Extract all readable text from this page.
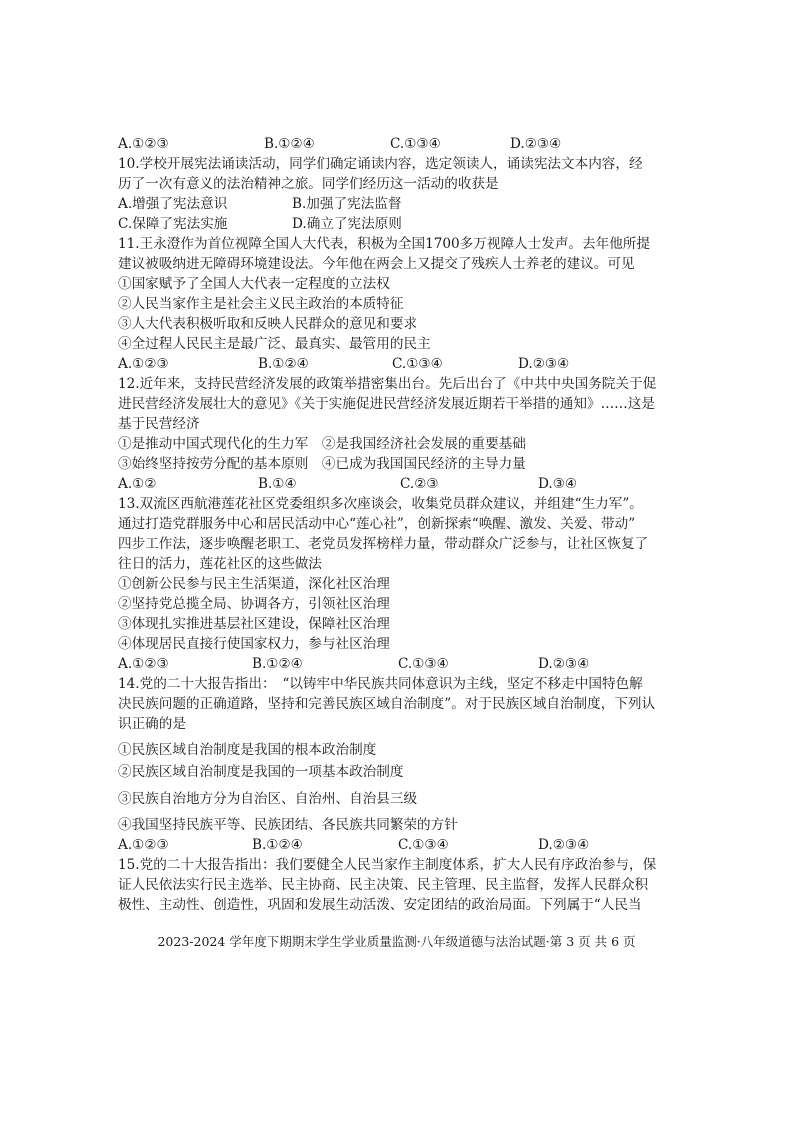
A.①②③	B.①②④	C.①③④	D.②③④
10.学校开展宪法诵读活动，同学们确定诵读内容，选定领读人，诵读宪法文本内容，经
历了一次有意义的法治精神之旅。同学们经历这一活动的收获是
A.增强了宪法意识	B.加强了宪法监督
C.保障了宪法实施	D.确立了宪法原则
11.王永澄作为首位视障全国人大代表，积极为全国1700多万视障人士发声。去年他所提
建议被吸纳进无障碍环境建设法。今年他在两会上又提交了残疾人士养老的建议。可见
①国家赋予了全国人大代表一定程度的立法权
②人民当家作主是社会主义民主政治的本质特征
③人大代表积极听取和反映人民群众的意见和要求
④全过程人民民主是最广泛、最真实、最管用的民主
A.①②③	B.①②④	C.①③④	D.②③④
12.近年来，支持民营经济发展的政策举措密集出台。先后出台了《中共中央国务院关于促
进民营经济发展壮大的意见》《关于实施促进民营经济发展近期若干举措的通知》……这是
基于民营经济
①是推动中国式现代化的生力军　②是我国经济社会发展的重要基础
③始终坚持按劳分配的基本原则　④已成为我国国民经济的主导力量
A.①②	B.①④	C.②③	D.③④
13.双流区西航港莲花社区党委组织多次座谈会，收集党员群众建议，并组建“生力军”。
通过打造党群服务中心和居民活动中心“莲心社”，创新探索“唤醒、激发、关爱、带动”
四步工作法，逐步唤醒老职工、老党员发挥榜样力量，带动群众广泛参与，让社区恢复了
往日的活力，莲花社区的这些做法
①创新公民参与民主生活渠道，深化社区治理
②坚持党总揽全局、协调各方，引领社区治理
③体现扎实推进基层社区建设，保障社区治理
④体现居民直接行使国家权力，参与社区治理
A.①②③	B.①②④	C.①③④	D.②③④
14.党的二十大报告指出：　“以铸牢中华民族共同体意识为主线，坚定不移走中国特色解
决民族问题的正确道路，坚持和完善民族区域自治制度”。对于民族区域自治制度，下列认
识正确的是
①民族区域自治制度是我国的根本政治制度
②民族区域自治制度是我国的一项基本政治制度
③民族自治地方分为自治区、自治州、自治县三级
④我国坚持民族平等、民族团结、各民族共同繁荣的方针
A.①②③	B.①②④	C.①③④	D.②③④
15.党的二十大报告指出：我们要健全人民当家作主制度体系，扩大人民有序政治参与，保
证人民依法实行民主选举、民主协商、民主决策、民主管理、民主监督，发挥人民群众积
极性、主动性、创造性，巩固和发展生动活泼、安定团结的政治局面。下列属于“人民当
2023-2024 学年度下期期末学生学业质量监测·八年级道德与法治试题·第 3 页 共 6 页
